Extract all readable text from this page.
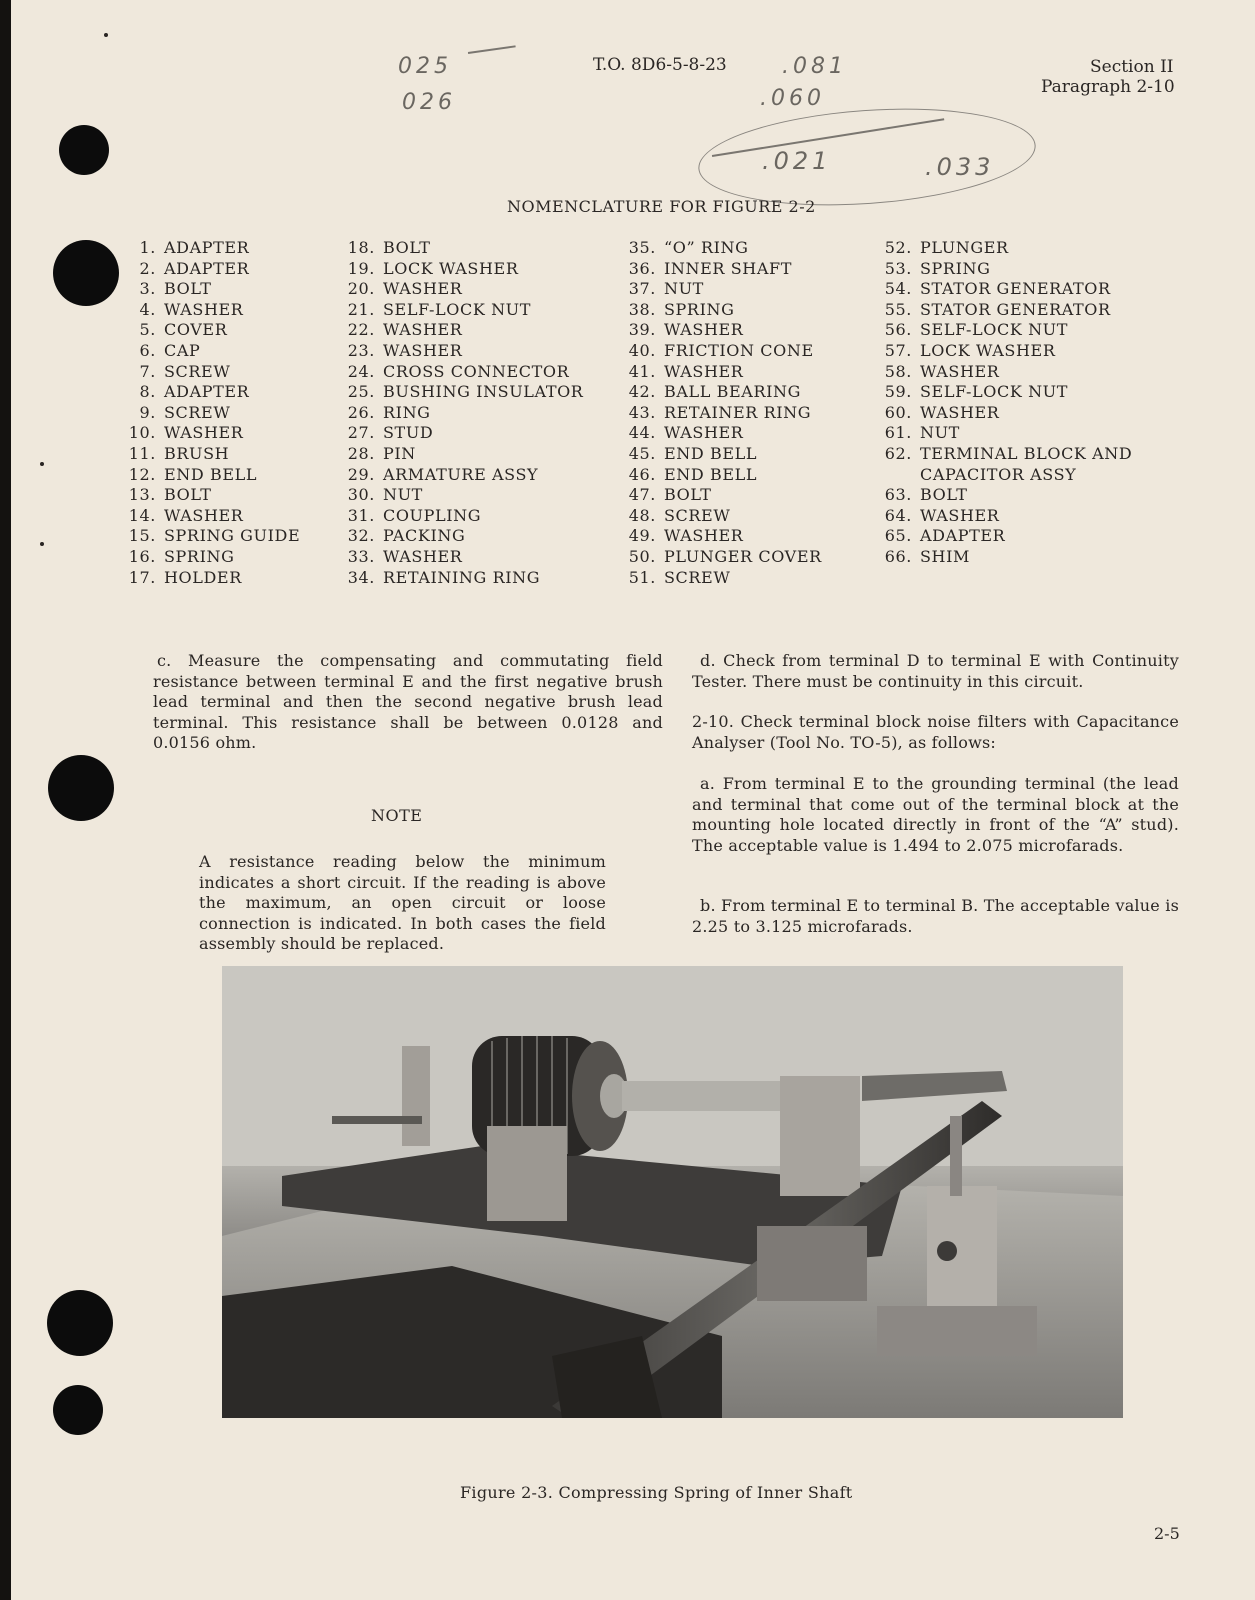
T.O. 8D6-5-8-23	Section II
Paragraph 2-10
025
026
.081
.060
.021	.033
NOMENCLATURE FOR FIGURE 2-2
1. ADAPTER
2. ADAPTER
3. BOLT
4. WASHER
5. COVER
6. CAP
7. SCREW
8. ADAPTER
9. SCREW
10. WASHER
11. BRUSH
12. END BELL
13. BOLT
14. WASHER
15. SPRING GUIDE
16. SPRING
17. HOLDER
18. BOLT
19. LOCK WASHER
20. WASHER
21. SELF-LOCK NUT
22. WASHER
23. WASHER
24. CROSS CONNECTOR
25. BUSHING INSULATOR
26. RING
27. STUD
28. PIN
29. ARMATURE ASSY
30. NUT
31. COUPLING
32. PACKING
33. WASHER
34. RETAINING RING
35. “O” RING
36. INNER SHAFT
37. NUT
38. SPRING
39. WASHER
40. FRICTION CONE
41. WASHER
42. BALL BEARING
43. RETAINER RING
44. WASHER
45. END BELL
46. END BELL
47. BOLT
48. SCREW
49. WASHER
50. PLUNGER COVER
51. SCREW
52. PLUNGER
53. SPRING
54. STATOR GENERATOR
55. STATOR GENERATOR
56. SELF-LOCK NUT
57. LOCK WASHER
58. WASHER
59. SELF-LOCK NUT
60. WASHER
61. NUT
62. TERMINAL BLOCK AND
CAPACITOR ASSY
63. BOLT
64. WASHER
65. ADAPTER
66. SHIM
c. Measure the compensating and commutating field resistance between terminal E and the first negative brush lead terminal and then the second negative brush lead terminal. This resistance shall be between 0.0128 and 0.0156 ohm.
NOTE
A resistance reading below the minimum indicates a short circuit. If the reading is above the maximum, an open circuit or loose connection is indicated. In both cases the field assembly should be replaced.
d. Check from terminal D to terminal E with Continuity Tester. There must be continuity in this circuit.
2-10. Check terminal block noise filters with Capacitance Analyser (Tool No. TO-5), as follows:
a. From terminal E to the grounding terminal (the lead and terminal that come out of the terminal block at the mounting hole located directly in front of the “A” stud). The acceptable value is 1.494 to 2.075 microfarads.
b. From terminal E to terminal B. The acceptable value is 2.25 to 3.125 microfarads.
Figure 2-3. Compressing Spring of Inner Shaft
2-5
